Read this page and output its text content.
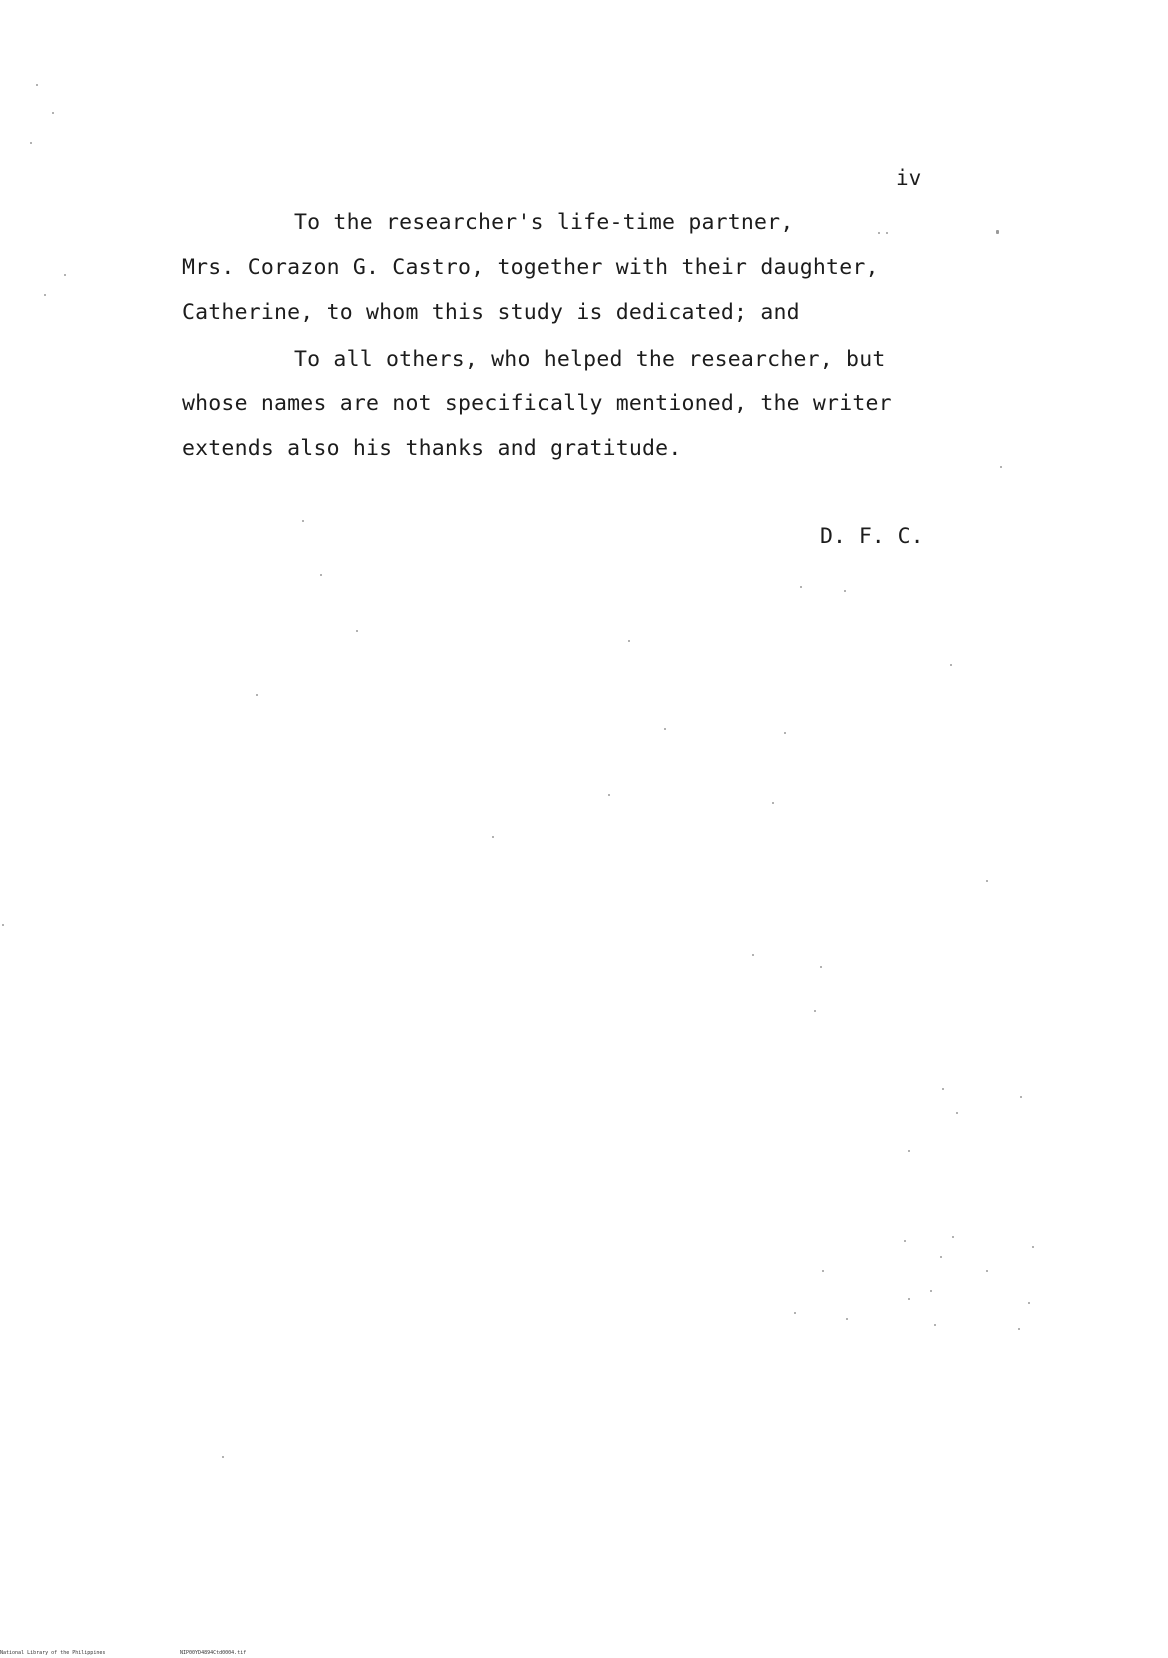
iv
To the researcher's life-time partner,
Mrs. Corazon G. Castro, together with their daughter,
Catherine, to whom this study is dedicated; and
To all others, who helped the researcher, but
whose names are not specifically mentioned, the writer
extends also his thanks and gratitude.
D. F. C.
National Library of the Philippines	NIP00YD4894Ctd0004.tif
